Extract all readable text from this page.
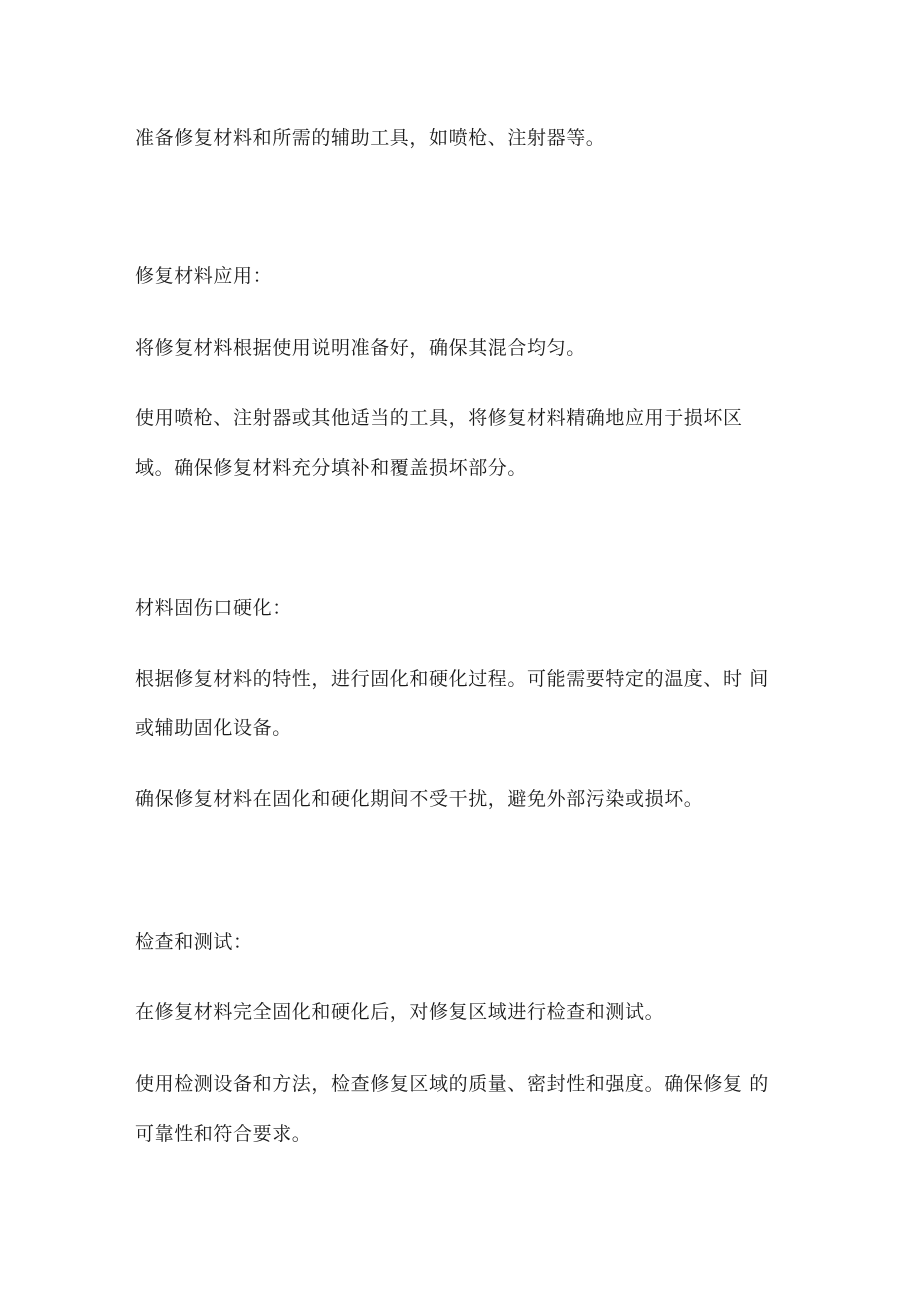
准备修复材料和所需的辅助工具，如喷枪、注射器等。
修复材料应用：
将修复材料根据使用说明准备好，确保其混合均匀。
使用喷枪、注射器或其他适当的工具，将修复材料精确地应用于损坏区
域。确保修复材料充分填补和覆盖损坏部分。
材料固伤口硬化：
根据修复材料的特性，进行固化和硬化过程。可能需要特定的温度、时 间
或辅助固化设备。
确保修复材料在固化和硬化期间不受干扰，避免外部污染或损坏。
检查和测试：
在修复材料完全固化和硬化后，对修复区域进行检查和测试。
使用检测设备和方法，检查修复区域的质量、密封性和强度。确保修复 的
可靠性和符合要求。
